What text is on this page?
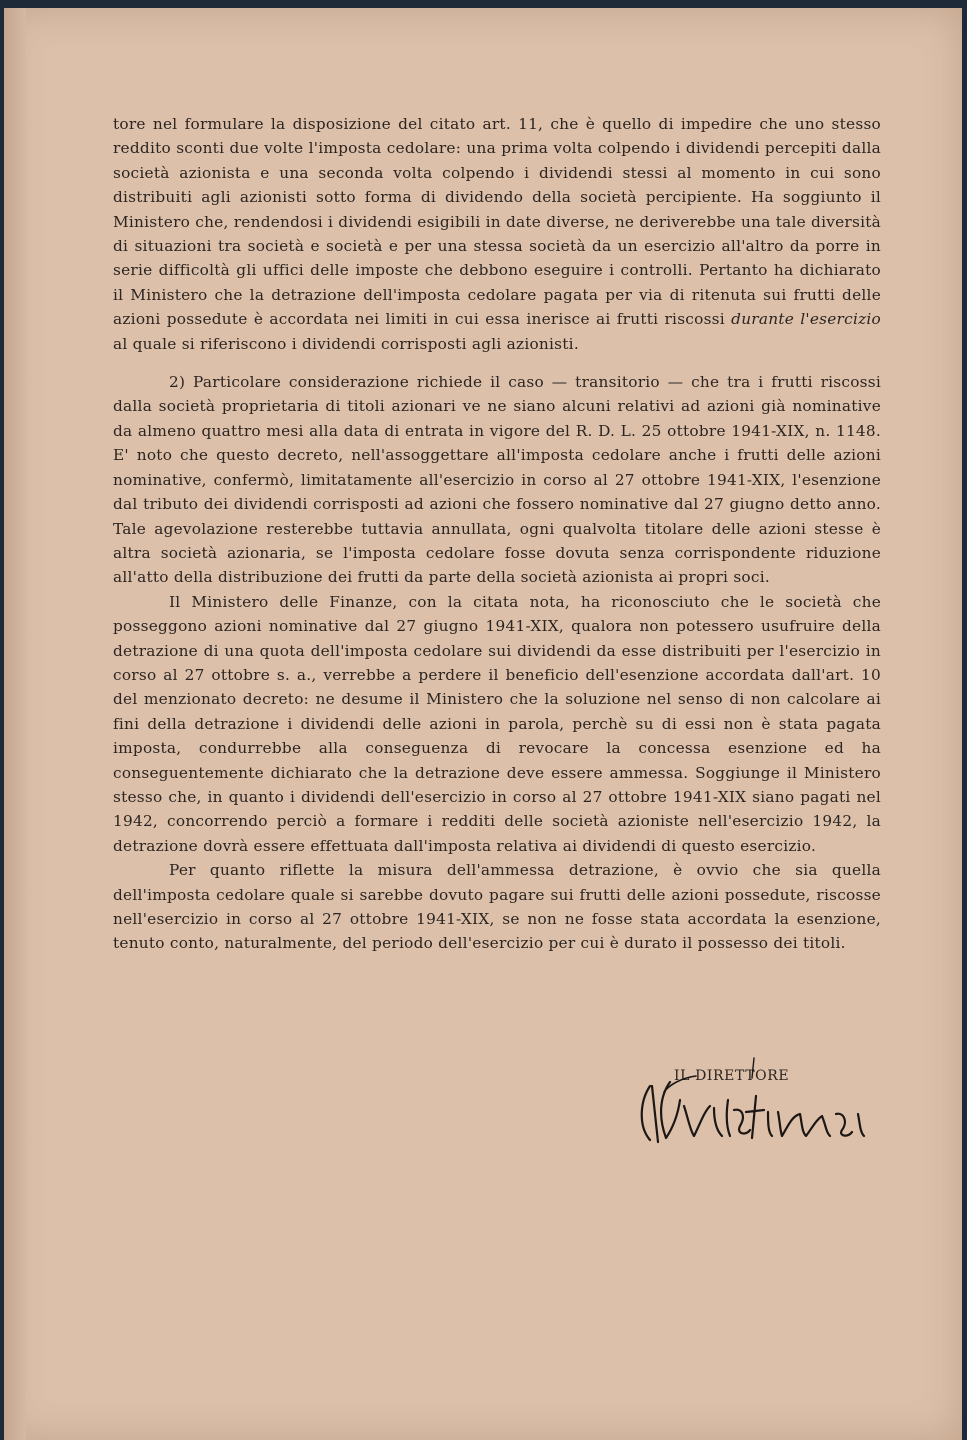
tore nel formulare la disposizione del citato art. 11, che è quello di impedire che uno stesso reddito sconti due volte l'imposta cedolare: una prima volta colpendo i dividendi percepiti dalla società azionista e una seconda volta colpendo i dividendi stessi al momento in cui sono distribuiti agli azionisti sotto forma di dividendo della società percipiente. Ha soggiunto il Ministero che, rendendosi i dividendi esigibili in date diverse, ne deriverebbe una tale diversità di situazioni tra società e società e per una stessa società da un esercizio all'altro da porre in serie difficoltà gli uffici delle imposte che debbono eseguire i controlli. Pertanto ha dichiarato il Ministero che la detrazione dell'imposta cedolare pagata per via di ritenuta sui frutti delle azioni possedute è accordata nei limiti in cui essa inerisce ai frutti riscossi durante l'esercizio al quale si riferiscono i dividendi corrisposti agli azionisti.

2) Particolare considerazione richiede il caso — transitorio — che tra i frutti riscossi dalla società proprietaria di titoli azionari ve ne siano alcuni relativi ad azioni già nominative da almeno quattro mesi alla data di entrata in vigore del R. D. L. 25 ottobre 1941-XIX, n. 1148. E' noto che questo decreto, nell'assoggettare all'imposta cedolare anche i frutti delle azioni nominative, confermò, limitatamente all'esercizio in corso al 27 ottobre 1941-XIX, l'esenzione dal tributo dei dividendi corrisposti ad azioni che fossero nominative dal 27 giugno detto anno. Tale agevolazione resterebbe tuttavia annullata, ogni qualvolta titolare delle azioni stesse è altra società azionaria, se l'imposta cedolare fosse dovuta senza corrispondente riduzione all'atto della distribuzione dei frutti da parte della società azionista ai propri soci.

Il Ministero delle Finanze, con la citata nota, ha riconosciuto che le società che posseggono azioni nominative dal 27 giugno 1941-XIX, qualora non potessero usufruire della detrazione di una quota dell'imposta cedolare sui dividendi da esse distribuiti per l'esercizio in corso al 27 ottobre s. a., verrebbe a perdere il beneficio dell'esenzione accordata dall'art. 10 del menzionato decreto: ne desume il Ministero che la soluzione nel senso di non calcolare ai fini della detrazione i dividendi delle azioni in parola, perchè su di essi non è stata pagata imposta, condurrebbe alla conseguenza di revocare la concessa esenzione ed ha conseguentemente dichiarato che la detrazione deve essere ammessa. Soggiunge il Ministero stesso che, in quanto i dividendi dell'esercizio in corso al 27 ottobre 1941-XIX siano pagati nel 1942, concorrendo perciò a formare i redditi delle società azioniste nell'esercizio 1942, la detrazione dovrà essere effettuata dall'imposta relativa ai dividendi di questo esercizio.

Per quanto riflette la misura dell'ammessa detrazione, è ovvio che sia quella dell'imposta cedolare quale si sarebbe dovuto pagare sui frutti delle azioni possedute, riscosse nell'esercizio in corso al 27 ottobre 1941-XIX, se non ne fosse stata accordata la esenzione, tenuto conto, naturalmente, del periodo dell'esercizio per cui è durato il possesso dei titoli.

IL DIRETTORE
